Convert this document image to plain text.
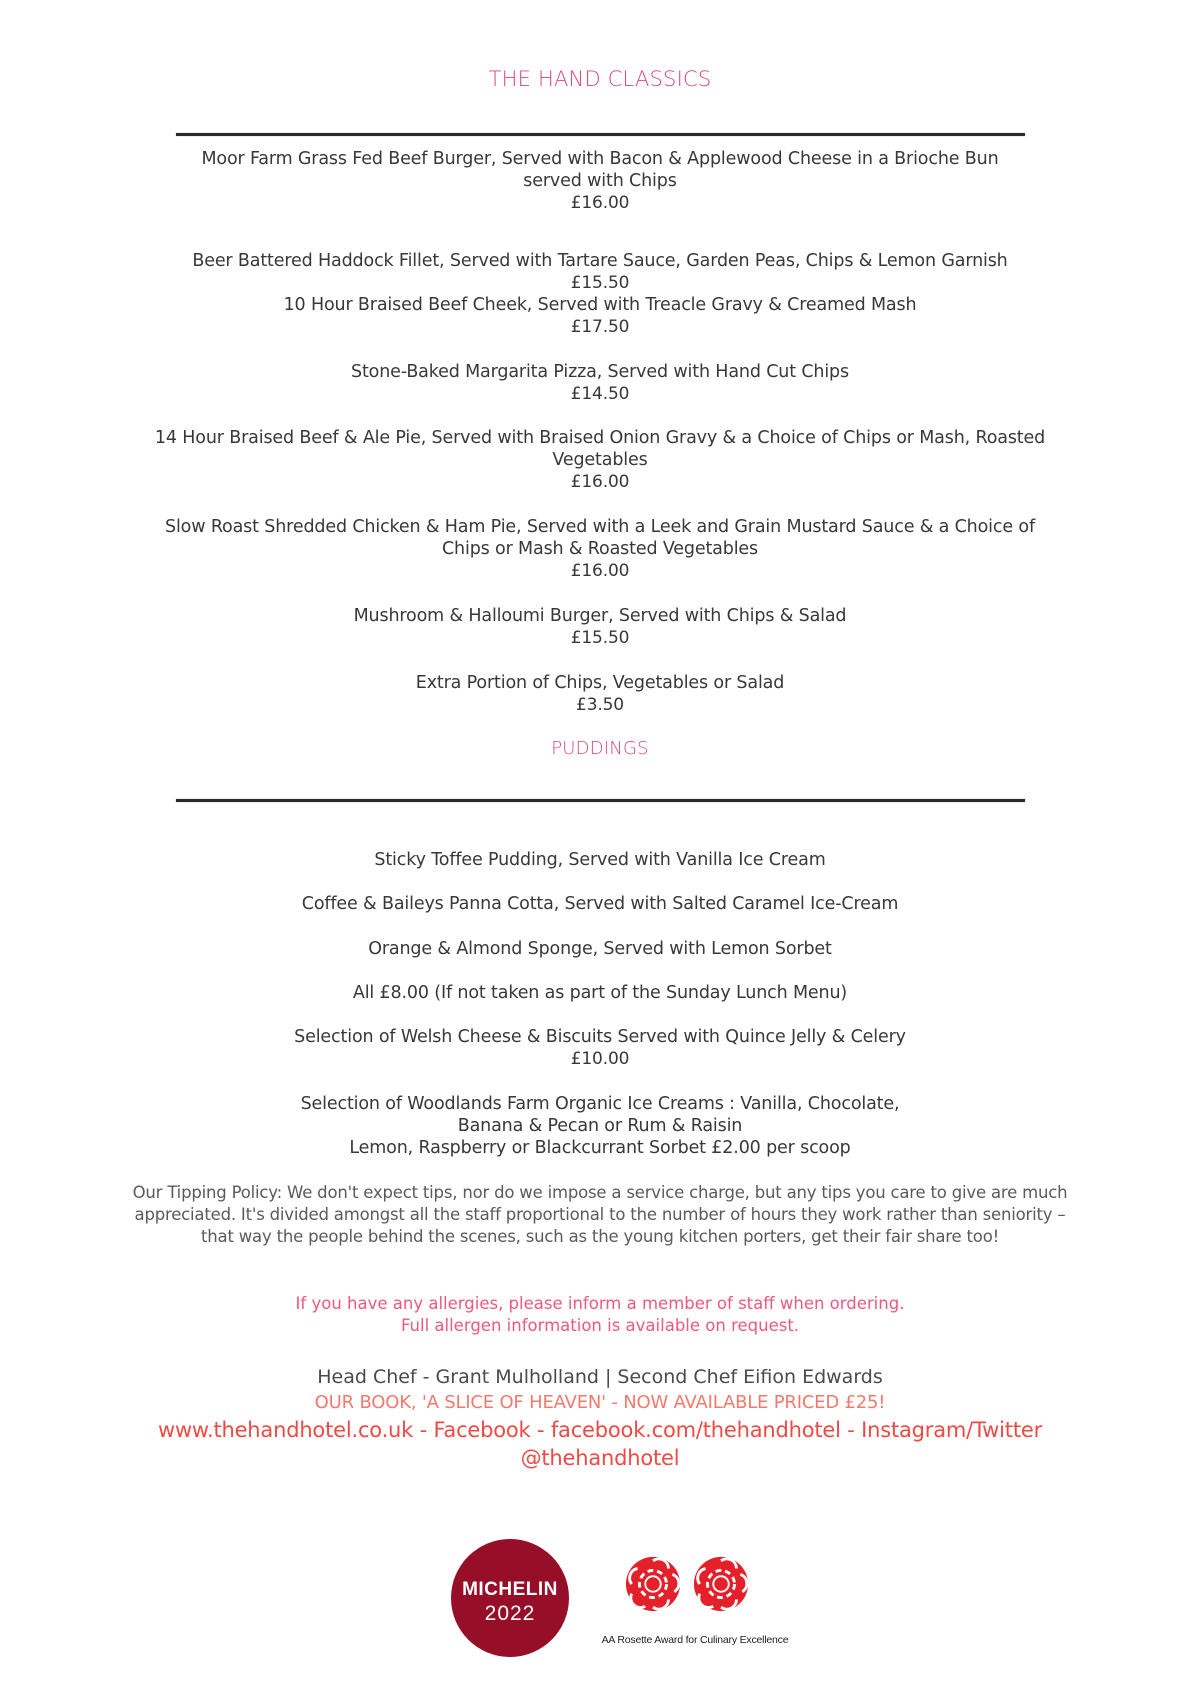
THE HAND CLASSICS
Moor Farm Grass Fed Beef Burger, Served with Bacon & Applewood Cheese in a Brioche Bun
served with Chips
£16.00
Beer Battered Haddock Fillet, Served with Tartare Sauce, Garden Peas, Chips & Lemon Garnish
£15.50
10 Hour Braised Beef Cheek, Served with Treacle Gravy & Creamed Mash
£17.50
Stone-Baked Margarita Pizza, Served with Hand Cut Chips
£14.50
14 Hour Braised Beef & Ale Pie, Served with Braised Onion Gravy & a Choice of Chips or Mash, Roasted
Vegetables
£16.00
Slow Roast Shredded Chicken & Ham Pie, Served with a Leek and Grain Mustard Sauce & a Choice of
Chips or Mash & Roasted Vegetables
£16.00
Mushroom & Halloumi Burger, Served with Chips & Salad
£15.50
Extra Portion of Chips, Vegetables or Salad
£3.50
PUDDINGS
Sticky Toffee Pudding, Served with Vanilla Ice Cream
Coffee & Baileys Panna Cotta, Served with Salted Caramel Ice-Cream
Orange & Almond Sponge, Served with Lemon Sorbet
All £8.00 (If not taken as part of the Sunday Lunch Menu)
Selection of Welsh Cheese & Biscuits Served with Quince Jelly & Celery
£10.00
Selection of Woodlands Farm Organic Ice Creams : Vanilla, Chocolate,
Banana & Pecan or Rum & Raisin
Lemon, Raspberry or Blackcurrant Sorbet £2.00 per scoop
Our Tipping Policy: We don't expect tips, nor do we impose a service charge, but any tips you care to give are much appreciated. It's divided amongst all the staff proportional to the number of hours they work rather than seniority – that way the people behind the scenes, such as the young kitchen porters, get their fair share too!
If you have any allergies, please inform a member of staff when ordering.
Full allergen information is available on request.
Head Chef - Grant Mulholland | Second Chef Eifion Edwards
OUR BOOK, 'A SLICE OF HEAVEN' - NOW AVAILABLE PRICED £25!
www.thehandhotel.co.uk - Facebook - facebook.com/thehandhotel - Instagram/Twitter
@thehandhotel
MICHELIN
2022
AA Rosette Award for Culinary Excellence
